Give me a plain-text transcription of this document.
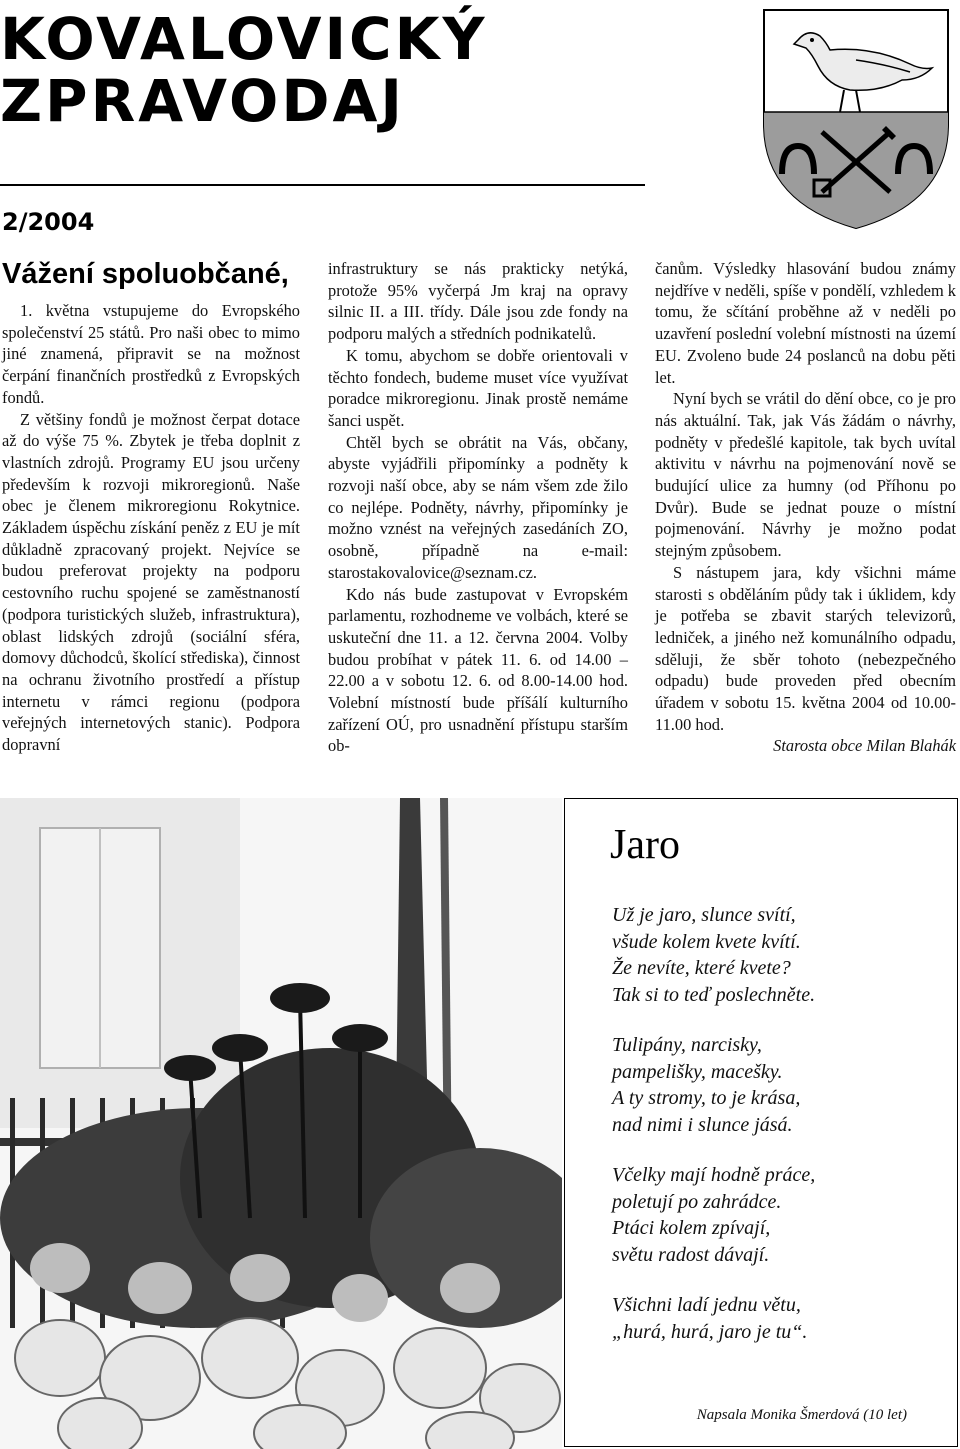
KOVALOVICKÝ
ZPRAVODAJ
2/2004
Vážení spoluobčané,

1. května vstupujeme do Evropského společenství 25 států. Pro naši obec to mimo jiné znamená, připravit se na možnost čerpání finančních prostředků z Evropských fondů.

Z většiny fondů je možnost čerpat dotace až do výše 75 %. Zbytek je třeba doplnit z vlastních zdrojů. Programy EU jsou určeny především k rozvoji mikroregionů. Naše obec je členem mikroregionu Rokytnice. Základem úspěchu získání peněz z EU je mít důkladně zpracovaný projekt. Nejvíce se budou preferovat projekty na podporu cestovního ruchu spojené se zaměstnaností (podpora turistických služeb, infrastruktura), oblast lidských zdrojů (sociální sféra, domovy důchodců, školící střediska), činnost na ochranu životního prostředí a přístup internetu v rámci regionu (podpora veřejných internetových stanic). Podpora dopravní

infrastruktury se nás prakticky netýká, protože 95% vyčerpá Jm kraj na opravy silnic II. a III. třídy. Dále jsou zde fondy na podporu malých a středních podnikatelů.

K tomu, abychom se dobře orientovali v těchto fondech, budeme muset více využívat poradce mikroregionu. Jinak prostě nemáme šanci uspět.

Chtěl bych se obrátit na Vás, občany, abyste vyjádřili připomínky a podněty k rozvoji naší obce, aby se nám všem zde žilo co nejlépe. Podněty, návrhy, připomínky je možno vznést na veřejných zasedáních ZO, osobně, případně na e-mail: starostakovalovice@seznam.cz.

Kdo nás bude zastupovat v Evropském parlamentu, rozhodneme ve volbách, které se uskuteční dne 11. a 12. června 2004. Volby budou probíhat v pátek 11. 6. od 14.00 – 22.00 a v sobotu 12. 6. od 8.00-14.00 hod. Volební místností bude příšálí kulturního zařízení OÚ, pro usnadnění přístupu starším ob-

čanům. Výsledky hlasování budou známy nejdříve v neděli, spíše v pondělí, vzhledem k tomu, že sčítání proběhne až v neděli po uzavření poslední volební místnosti na území EU. Zvoleno bude 24 poslanců na dobu pěti let.

Nyní bych se vrátil do dění obce, co je pro nás aktuální. Tak, jak Vás žádám o návrhy, podněty v předešlé kapitole, tak bych uvítal aktivitu v návrhu na pojmenování nově se budující ulice za humny (od Příhonu po Dvůr). Bude se jednat pouze o místní pojmenování. Návrhy je možno podat stejným způsobem.

S nástupem jara, kdy všichni máme starosti s obděláním půdy tak i úklidem, kdy je potřeba se zbavit starých televizorů, ledniček, a jiného než komunálního odpadu, sděluji, že sběr tohoto (nebezpečného odpadu) bude proveden před obecním úřadem v sobotu 15. května 2004 od 10.00-11.00 hod.

Starosta obce Milan Blahák

Jaro
Už je jaro, slunce svítí,
všude kolem kvete kvítí.
Že nevíte, které kvete?
Tak si to teď poslechněte.
Tulipány, narcisky,
pampelišky, macešky.
A ty stromy, to je krása,
nad nimi i slunce jásá.
Včelky mají hodně práce,
poletují po zahrádce.
Ptáci kolem zpívají,
světu radost dávají.
Všichni ladí jednu větu,
„hurá, hurá, jaro je tu“.
Napsala Monika Šmerdová (10 let)
